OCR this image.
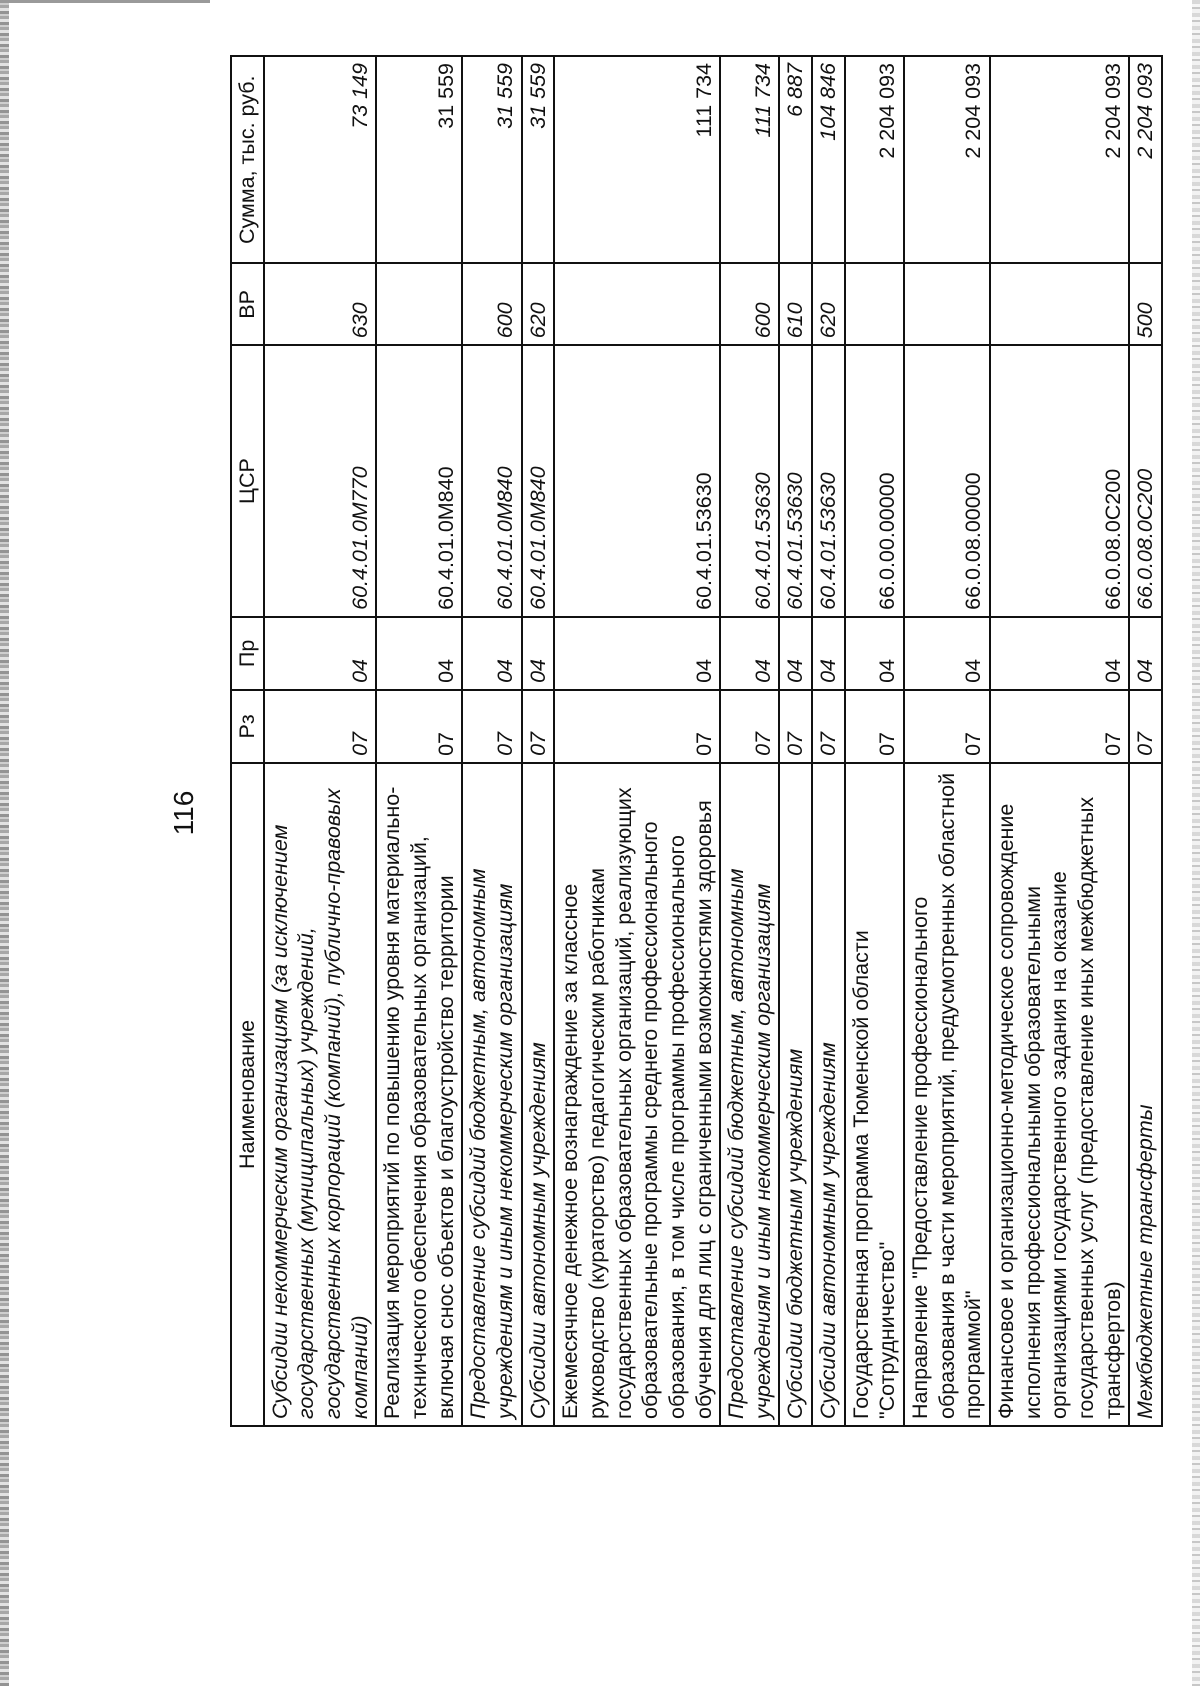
116
Наименование	Рз	Пр	ЦСР	ВР	Сумма, тыс. руб.
Субсидии некоммерческим организациям (за исключением государственных (муниципальных) учреждений, государственных корпораций (компаний), публично-правовых компаний)	07	04	60.4.01.0М770	630	73 149
Реализация мероприятий по повышению уровня материально-технического обеспечения образовательных организаций, включая снос объектов и благоустройство территории	07	04	60.4.01.0М840		31 559
Предоставление субсидий бюджетным, автономным учреждениям и иным некоммерческим организациям	07	04	60.4.01.0М840	600	31 559
Субсидии автономным учреждениям	07	04	60.4.01.0М840	620	31 559
Ежемесячное денежное вознаграждение за классное руководство (кураторство) педагогическим работникам государственных образовательных организаций, реализующих образовательные программы среднего профессионального образования, в том числе программы профессионального обучения для лиц с ограниченными возможностями здоровья	07	04	60.4.01.53630		111 734
Предоставление субсидий бюджетным, автономным учреждениям и иным некоммерческим организациям	07	04	60.4.01.53630	600	111 734
Субсидии бюджетным учреждениям	07	04	60.4.01.53630	610	6 887
Субсидии автономным учреждениям	07	04	60.4.01.53630	620	104 846
Государственная программа Тюменской области "Сотрудничество"	07	04	66.0.00.00000		2 204 093
Направление "Предоставление профессионального образования в части мероприятий, предусмотренных областной программой"	07	04	66.0.08.00000		2 204 093
Финансовое и организационно-методическое сопровождение исполнения профессиональными образовательными организациями государственного задания на оказание государственных услуг (предоставление иных межбюджетных трансфертов)	07	04	66.0.08.0С200		2 204 093
Межбюджетные трансферты	07	04	66.0.08.0С200	500	2 204 093
